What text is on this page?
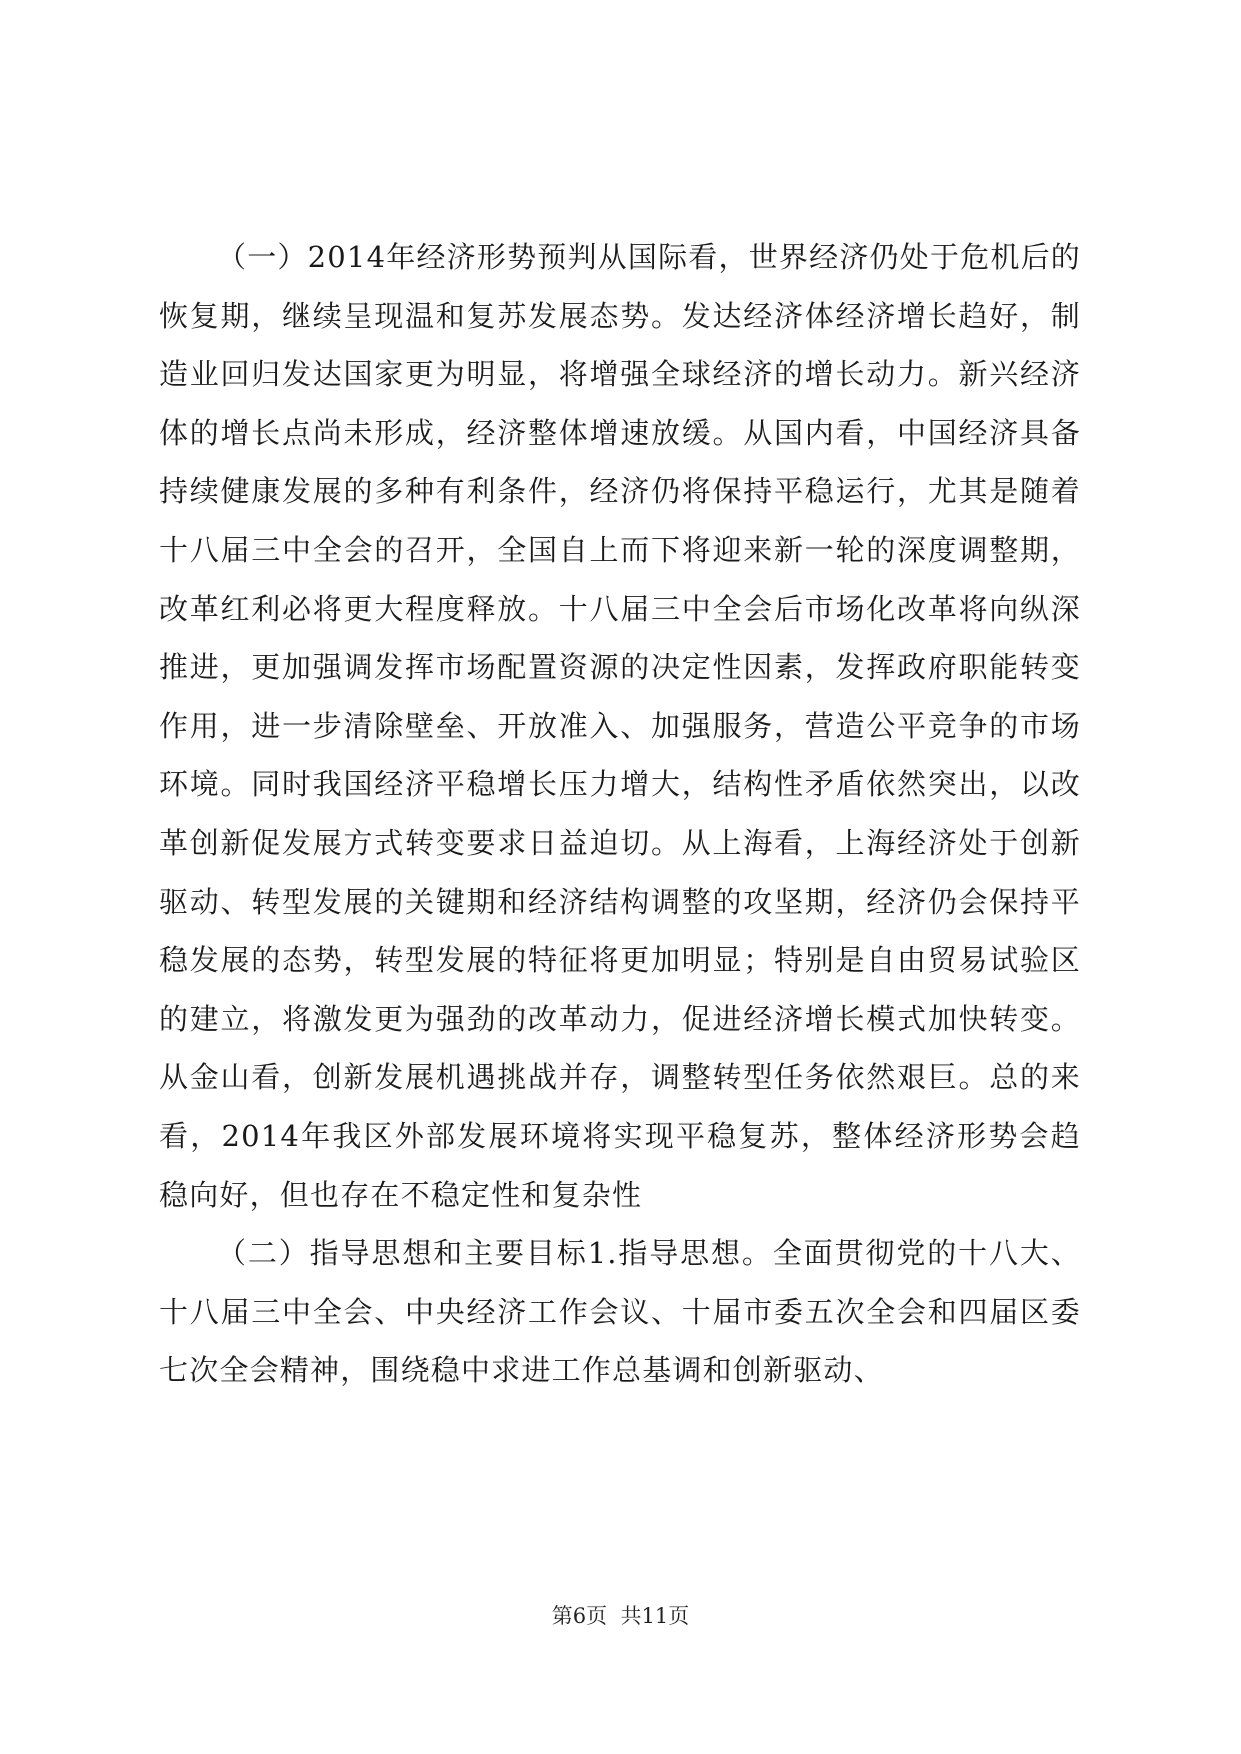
（一）2014年经济形势预判从国际看，世界经济仍处于危机后的恢复期，继续呈现温和复苏发展态势。发达经济体经济增长趋好，制造业回归发达国家更为明显，将增强全球经济的增长动力。新兴经济体的增长点尚未形成，经济整体增速放缓。从国内看，中国经济具备持续健康发展的多种有利条件，经济仍将保持平稳运行，尤其是随着十八届三中全会的召开，全国自上而下将迎来新一轮的深度调整期，改革红利必将更大程度释放。十八届三中全会后市场化改革将向纵深推进，更加强调发挥市场配置资源的决定性因素，发挥政府职能转变作用，进一步清除壁垒、开放准入、加强服务，营造公平竞争的市场环境。同时我国经济平稳增长压力增大，结构性矛盾依然突出，以改革创新促发展方式转变要求日益迫切。从上海看，上海经济处于创新驱动、转型发展的关键期和经济结构调整的攻坚期，经济仍会保持平稳发展的态势，转型发展的特征将更加明显；特别是自由贸易试验区的建立，将激发更为强劲的改革动力，促进经济增长模式加快转变。从金山看，创新发展机遇挑战并存，调整转型任务依然艰巨。总的来看，2014年我区外部发展环境将实现平稳复苏，整体经济形势会趋稳向好，但也存在不稳定性和复杂性

（二）指导思想和主要目标1.指导思想。全面贯彻党的十八大、十八届三中全会、中央经济工作会议、十届市委五次全会和四届区委七次全会精神，围绕稳中求进工作总基调和创新驱动、

第6页  共11页
